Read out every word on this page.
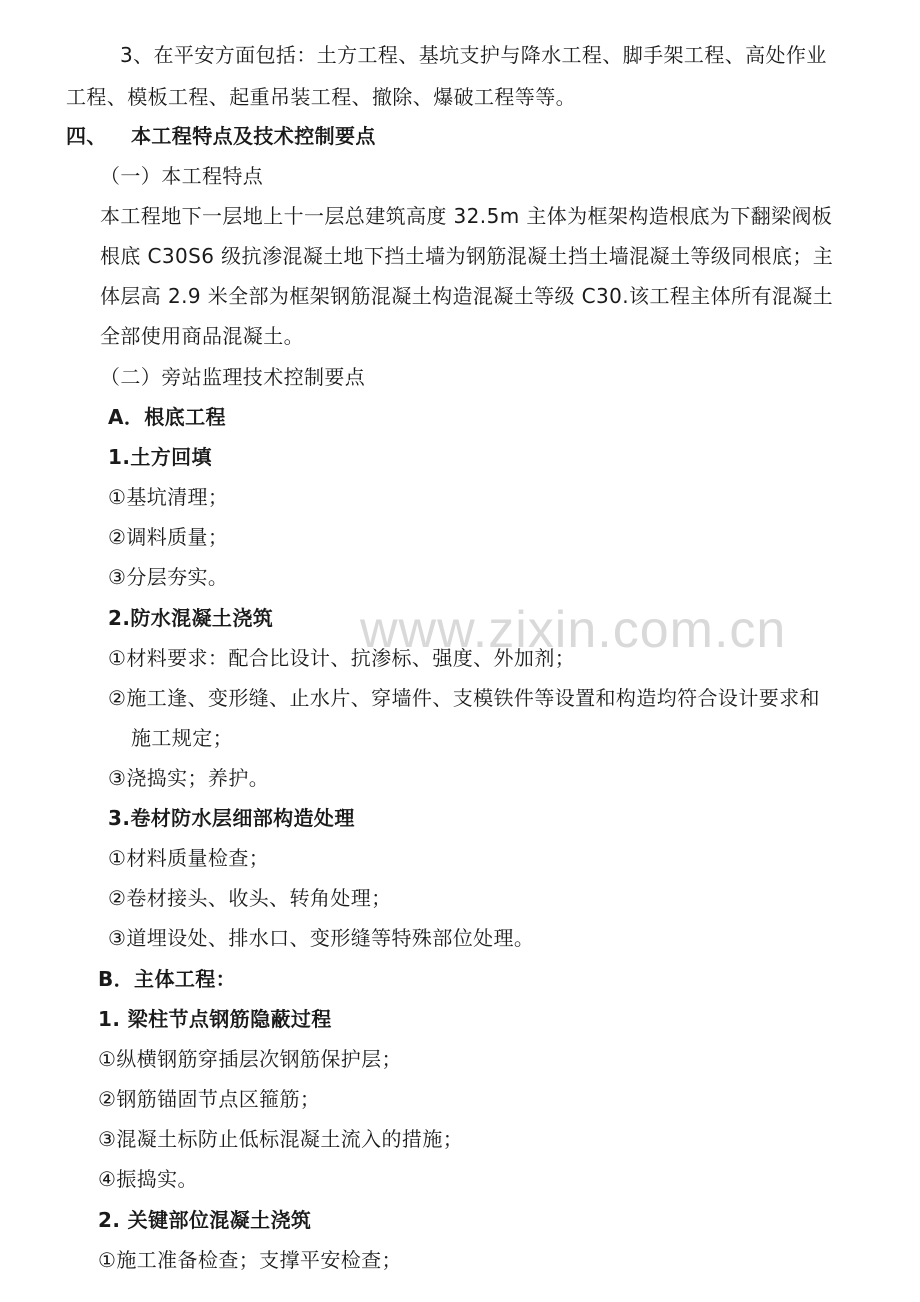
www.zixin.com.cn
3、在平安方面包括：土方工程、基坑支护与降水工程、脚手架工程、高处作业
工程、模板工程、起重吊装工程、撤除、爆破工程等等。
四、 本工程特点及技术控制要点
（一）本工程特点
本工程地下一层地上十一层总建筑高度 32.5m 主体为框架构造根底为下翻梁阀板
根底 C30S6 级抗渗混凝土地下挡土墙为钢筋混凝土挡土墙混凝土等级同根底；主
体层高 2.9 米全部为框架钢筋混凝土构造混凝土等级 C30.该工程主体所有混凝土
全部使用商品混凝土。
（二）旁站监理技术控制要点
A．根底工程
1.土方回填
①基坑清理；
②调料质量；
③分层夯实。
2.防水混凝土浇筑
①材料要求：配合比设计、抗渗标、强度、外加剂；
②施工逢、变形缝、止水片、穿墙件、支模铁件等设置和构造均符合设计要求和
施工规定；
③浇捣实；养护。
3.卷材防水层细部构造处理
①材料质量检查；
②卷材接头、收头、转角处理；
③道埋设处、排水口、变形缝等特殊部位处理。
B．主体工程：
1. 梁柱节点钢筋隐蔽过程
①纵横钢筋穿插层次钢筋保护层；
②钢筋锚固节点区箍筋；
③混凝土标防止低标混凝土流入的措施；
④振捣实。
2. 关键部位混凝土浇筑
①施工准备检查；支撑平安检查；
